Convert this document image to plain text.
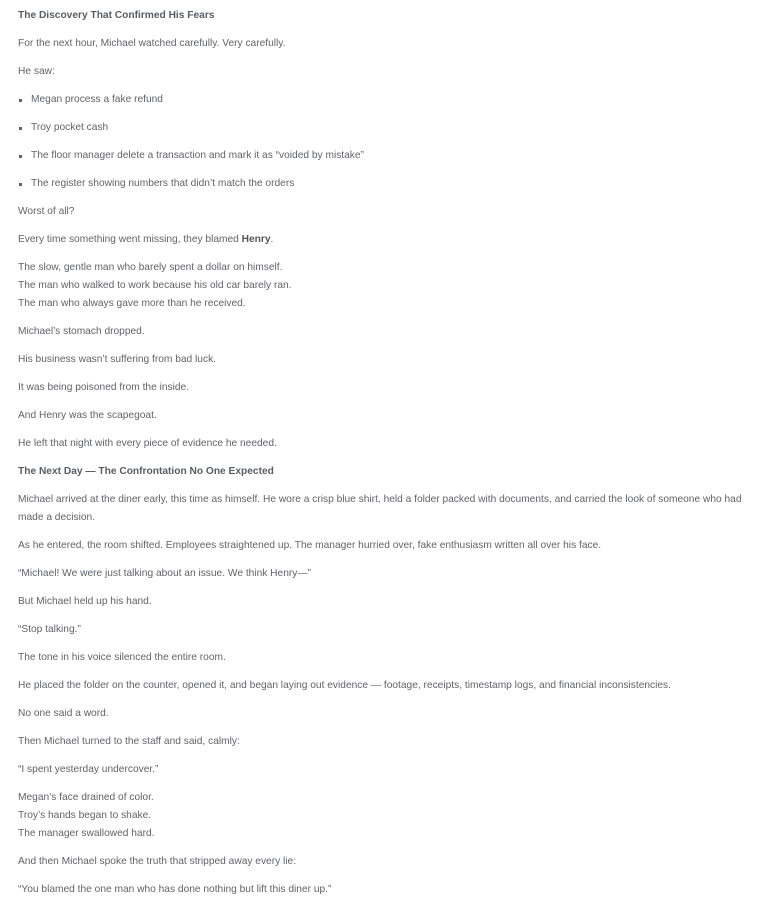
The Discovery That Confirmed His Fears

For the next hour, Michael watched carefully. Very carefully.

He saw:

Megan process a fake refund
Troy pocket cash
The floor manager delete a transaction and mark it as “voided by mistake”
The register showing numbers that didn’t match the orders

Worst of all?

Every time something went missing, they blamed Henry.

The slow, gentle man who barely spent a dollar on himself.
The man who walked to work because his old car barely ran.
The man who always gave more than he received.

Michael’s stomach dropped.

His business wasn’t suffering from bad luck.

It was being poisoned from the inside.

And Henry was the scapegoat.

He left that night with every piece of evidence he needed.

The Next Day — The Confrontation No One Expected

Michael arrived at the diner early, this time as himself. He wore a crisp blue shirt, held a folder packed with documents, and carried the look of someone who had made a decision.

As he entered, the room shifted. Employees straightened up. The manager hurried over, fake enthusiasm written all over his face.

“Michael! We were just talking about an issue. We think Henry—”

But Michael held up his hand.

“Stop talking.”

The tone in his voice silenced the entire room.

He placed the folder on the counter, opened it, and began laying out evidence — footage, receipts, timestamp logs, and financial inconsistencies.

No one said a word.

Then Michael turned to the staff and said, calmly:

“I spent yesterday undercover.”

Megan’s face drained of color.
Troy’s hands began to shake.
The manager swallowed hard.

And then Michael spoke the truth that stripped away every lie:

“You blamed the one man who has done nothing but lift this diner up.”
